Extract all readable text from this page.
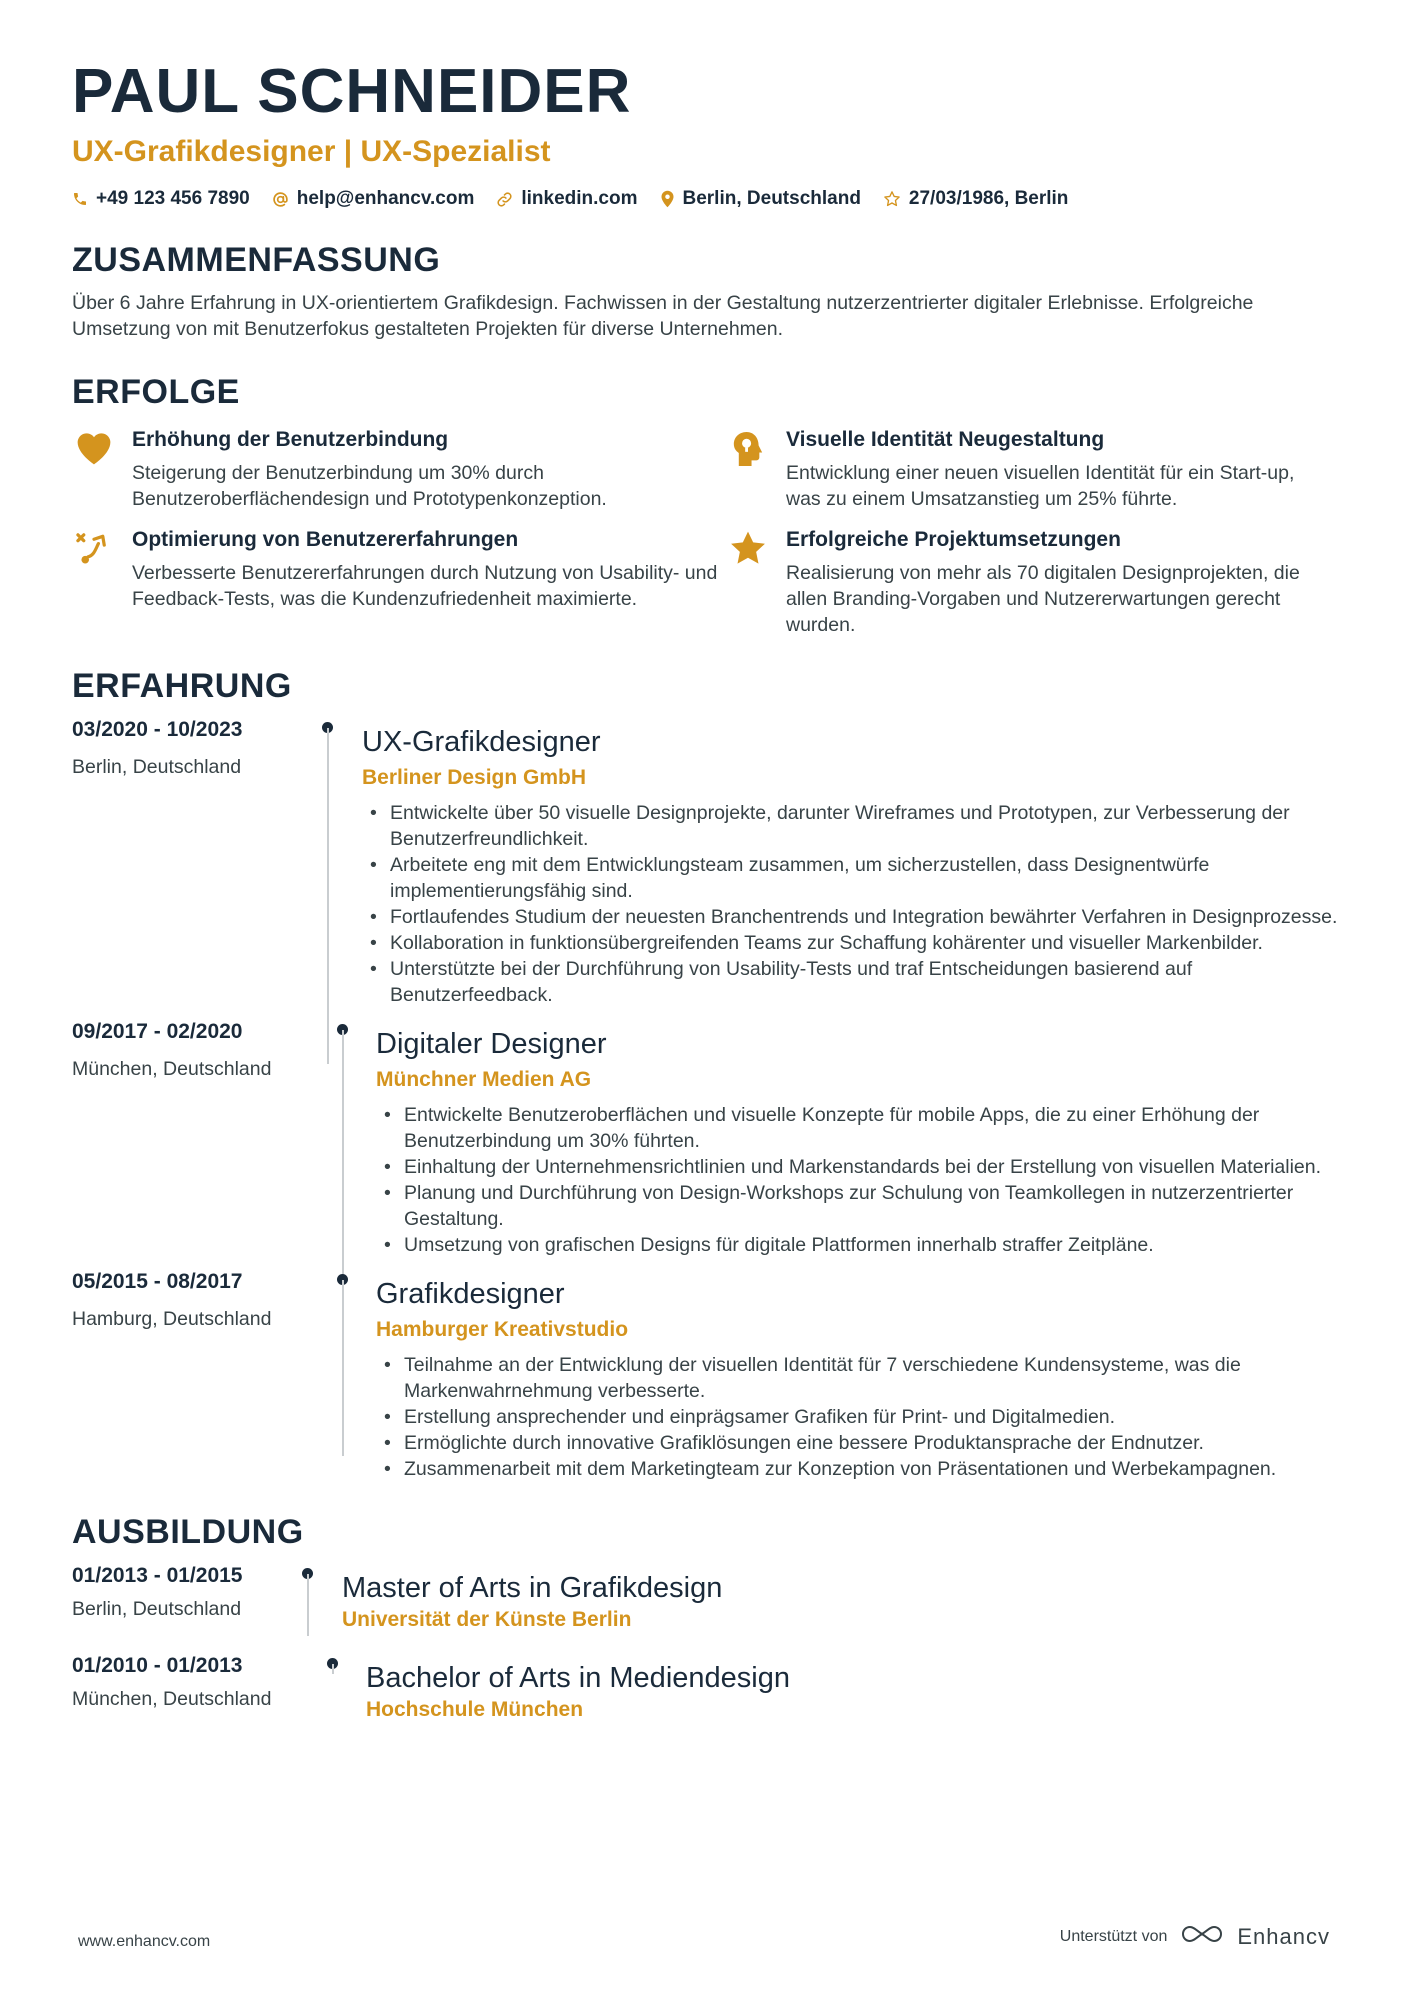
PAUL SCHNEIDER
UX-Grafikdesigner | UX-Spezialist
+49 123 456 7890 help@enhancv.com linkedin.com Berlin, Deutschland	27/03/1986, Berlin
ZUSAMMENFASSUNG
Über 6 Jahre Erfahrung in UX-orientiertem Grafikdesign. Fachwissen in der Gestaltung nutzerzentrierter digitaler Erlebnisse. Erfolgreiche Umsetzung von mit Benutzerfokus gestalteten Projekten für diverse Unternehmen.
ERFOLGE
Erhöhung der Benutzerbindung
Steigerung der Benutzerbindung um 30% durch Benutzeroberflächendesign und Prototypenkonzeption.
Visuelle Identität Neugestaltung
Entwicklung einer neuen visuellen Identität für ein Start-up, was zu einem Umsatzanstieg um 25% führte.
Optimierung von Benutzererfahrungen
Verbesserte Benutzererfahrungen durch Nutzung von Usability- und Feedback-Tests, was die Kundenzufriedenheit maximierte.
Erfolgreiche Projektumsetzungen
Realisierung von mehr als 70 digitalen Designprojekten, die allen Branding-Vorgaben und Nutzererwartungen gerecht wurden.
ERFAHRUNG
03/2020 - 10/2023
Berlin, Deutschland
UX-Grafikdesigner
Berliner Design GmbH
• Entwickelte über 50 visuelle Designprojekte, darunter Wireframes und Prototypen, zur Verbesserung der Benutzerfreundlichkeit.
• Arbeitete eng mit dem Entwicklungsteam zusammen, um sicherzustellen, dass Designentwürfe implementierungsfähig sind.
• Fortlaufendes Studium der neuesten Branchentrends und Integration bewährter Verfahren in Designprozesse.
• Kollaboration in funktionsübergreifenden Teams zur Schaffung kohärenter und visueller Markenbilder.
• Unterstützte bei der Durchführung von Usability-Tests und traf Entscheidungen basierend auf Benutzerfeedback.
09/2017 - 02/2020
München, Deutschland
Digitaler Designer
Münchner Medien AG
• Entwickelte Benutzeroberflächen und visuelle Konzepte für mobile Apps, die zu einer Erhöhung der Benutzerbindung um 30% führten.
• Einhaltung der Unternehmensrichtlinien und Markenstandards bei der Erstellung von visuellen Materialien.
• Planung und Durchführung von Design-Workshops zur Schulung von Teamkollegen in nutzerzentrierter Gestaltung.
• Umsetzung von grafischen Designs für digitale Plattformen innerhalb straffer Zeitpläne.
05/2015 - 08/2017
Hamburg, Deutschland
Grafikdesigner
Hamburger Kreativstudio
• Teilnahme an der Entwicklung der visuellen Identität für 7 verschiedene Kundensysteme, was die Markenwahrnehmung verbesserte.
• Erstellung ansprechender und einprägsamer Grafiken für Print- und Digitalmedien.
• Ermöglichte durch innovative Grafiklösungen eine bessere Produktansprache der Endnutzer.
• Zusammenarbeit mit dem Marketingteam zur Konzeption von Präsentationen und Werbekampagnen.
AUSBILDUNG
01/2013 - 01/2015
Berlin, Deutschland
Master of Arts in Grafikdesign
Universität der Künste Berlin
01/2010 - 01/2013
München, Deutschland
Bachelor of Arts in Mediendesign
Hochschule München
www.enhancv.com	Unterstützt von	Enhancv
